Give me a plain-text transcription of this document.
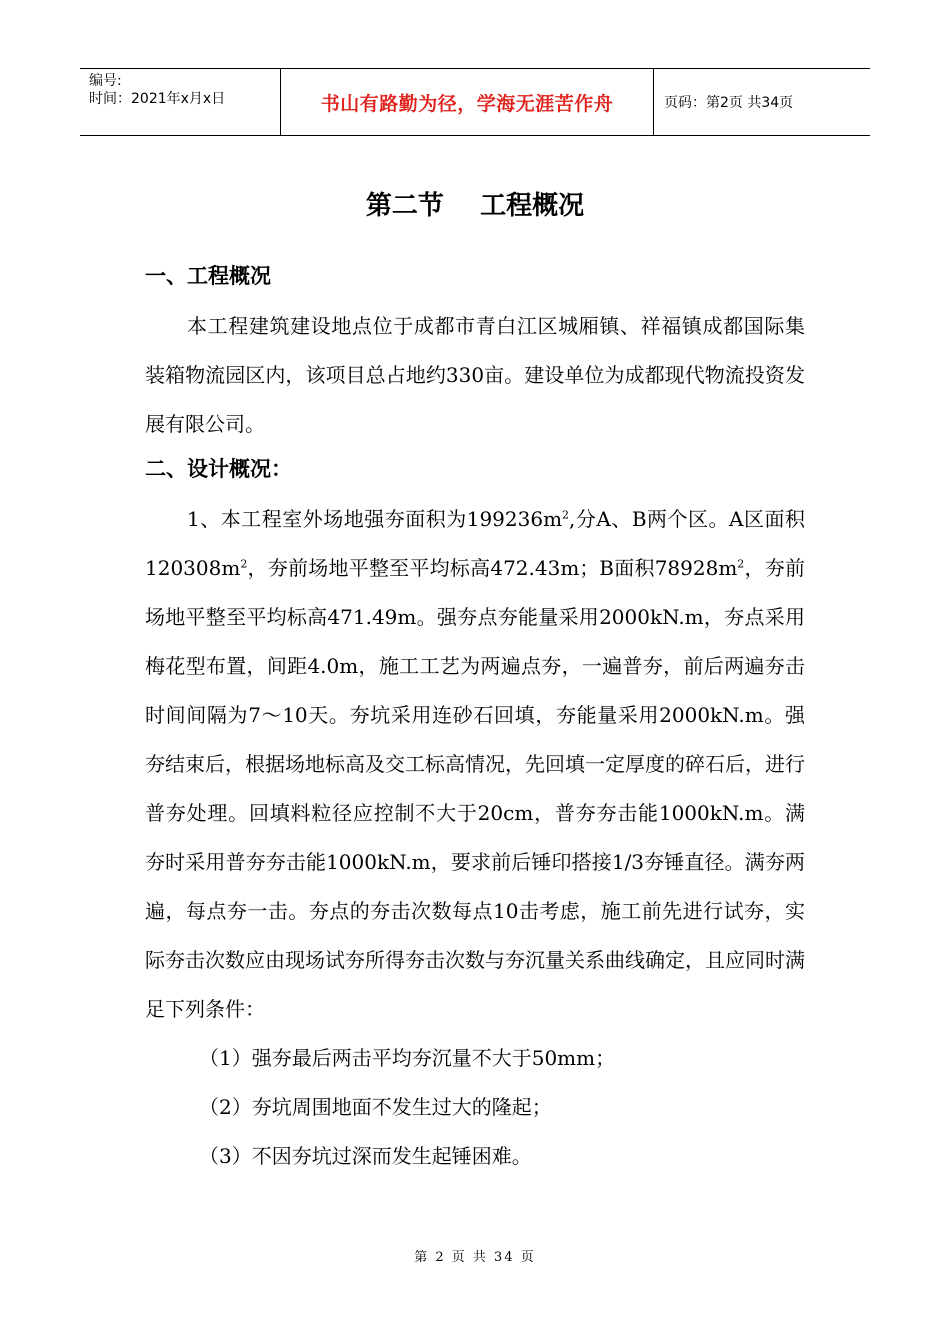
编号:
时间：2021年x月x日	书山有路勤为径，学海无涯苦作舟	页码：第2页 共34页
第二节    工程概况
一、工程概况

本工程建筑建设地点位于成都市青白江区城厢镇、祥福镇成都国际集装箱物流园区内，该项目总占地约330亩。建设单位为成都现代物流投资发展有限公司。

二、设计概况：

1、本工程室外场地强夯面积为$199236m^2$,分A、B两个区。A区面积$120308m^2$，夯前场地平整至平均标高472.43m；B面积$78928m^2$，夯前场地平整至平均标高471.49m。强夯点夯能量采用2000kN.m，夯点采用梅花型布置，间距4.0m，施工工艺为两遍点夯，一遍普夯，前后两遍夯击时间间隔为7～10天。夯坑采用连砂石回填，夯能量采用2000kN.m。强夯结束后，根据场地标高及交工标高情况，先回填一定厚度的碎石后，进行普夯处理。回填料粒径应控制不大于20cm，普夯夯击能1000kN.m。满夯时采用普夯夯击能1000kN.m，要求前后锤印搭接1/3夯锤直径。满夯两遍，每点夯一击。夯点的夯击次数每点10击考虑，施工前先进行试夯，实际夯击次数应由现场试夯所得夯击次数与夯沉量关系曲线确定，且应同时满足下列条件：

（1）强夯最后两击平均夯沉量不大于50mm；

（2）夯坑周围地面不发生过大的隆起；

（3）不因夯坑过深而发生起锤困难。

第 2 页 共 34 页
